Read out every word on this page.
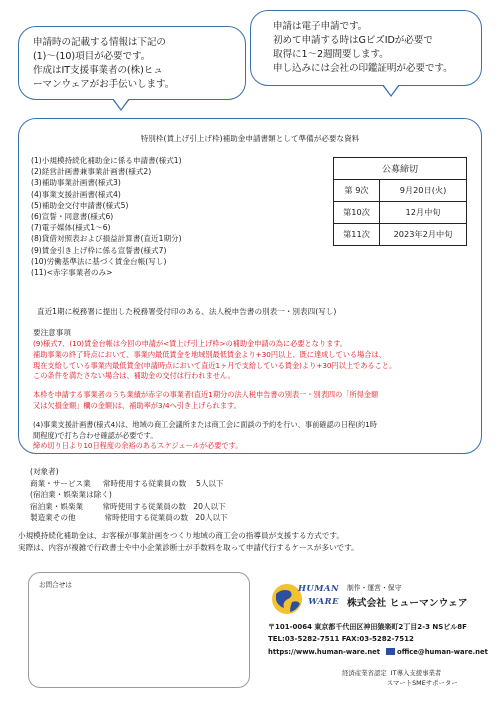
申請時の記載する情報は下記の
(1)〜(10)項目が必要です。
作成はIT支援事業者の(株)ヒュ
ーマンウェアがお手伝いします。

申請は電子申請です。
初めて申請する時はGビズIDが必要で
取得に1〜2週間要します。
申し込みには会社の印鑑証明が必要です。

特別枠(賃上げ引上げ枠)補助金申請書類として準備が必要な資料
(1)小規模持続化補助金に係る申請書(様式1)
(2)経営計画書兼事業計画書(様式2)
(3)補助事業計画書(様式3)
(4)事業支援計画書(様式4)
(5)補助金交付申請書(様式5)
(6)宣誓・同意書(様式6)
(7)電子媒体(様式1〜6)
(8)貸借対照表および損益計算書(直近1期分)
(9)賃金引き上げ枠に係る宣誓書(様式7)
(10)労働基準法に基づく賃金台帳(写し)
(11)<赤字事業者のみ>
直近1期に税務署に提出した税務署受付印のある、法人税申告書の別表一・別表四(写し)
公募締切	
第 9次	9月20日(火)
第10次	12月中旬
第11次	2023年2月中旬
要注意事項
(9)様式7、(10)賃金台帳は今回の申請が<賃上げ引上げ枠>の補助金申請の為に必要となります。
補助事業の終了時点において、事業内最低賃金を地域別最低賃金より+30円以上、既に達成している場合は、
現在支給している事業内最低賃金(申請時点において直近1ヶ月で支給している賃金)より+30円以上であること。
この条件を満たさない場合は、補助金の交付は行われません。
本枠を申請する事業者のうち業績が赤字の事業者(直近1期分の法人税申告書の別表一・別表四の「所得金額
又は欠損金額」欄の金額)は、補助率が3/4へ引き上げられます。
(4)事業支援計画書(様式4)は、地域の商工会議所または商工会に面談の予約を行い、事前確認の日程(約1時
間程度)で打ち合わせ確認が必要です。
締め切り日より10日程度の余裕のあるスケジュールが必要です。
(対象者)
商業・サービス業     常時使用する従業員の数    5人以下
(宿泊業・娯楽業は除く)
宿泊業・娯楽業        常時使用する従業員の数   20人以下
製造業その他            常時使用する従業員の数   20人以下

小規模持続化補助金は、お客様が事業計画をつくり地域の商工会の指導員が支援する方式です。
実際は、内容が複雑で行政書士や中小企業診断士が手数料を取って申請代行するケースが多いです。

お問合せは	HUMAN
WARE
制作・運営・保守
株式会社 ヒューマンウェア
〒101-0064 東京都千代田区神田猿楽町2丁目2-3 NSビル8F
TEL:03-5282-7511 FAX:03-5282-7512
https://www.human-ware.net	office@human-ware.net
経済産業省認定  IT導入支援事業者
スマートSMEサポーター
